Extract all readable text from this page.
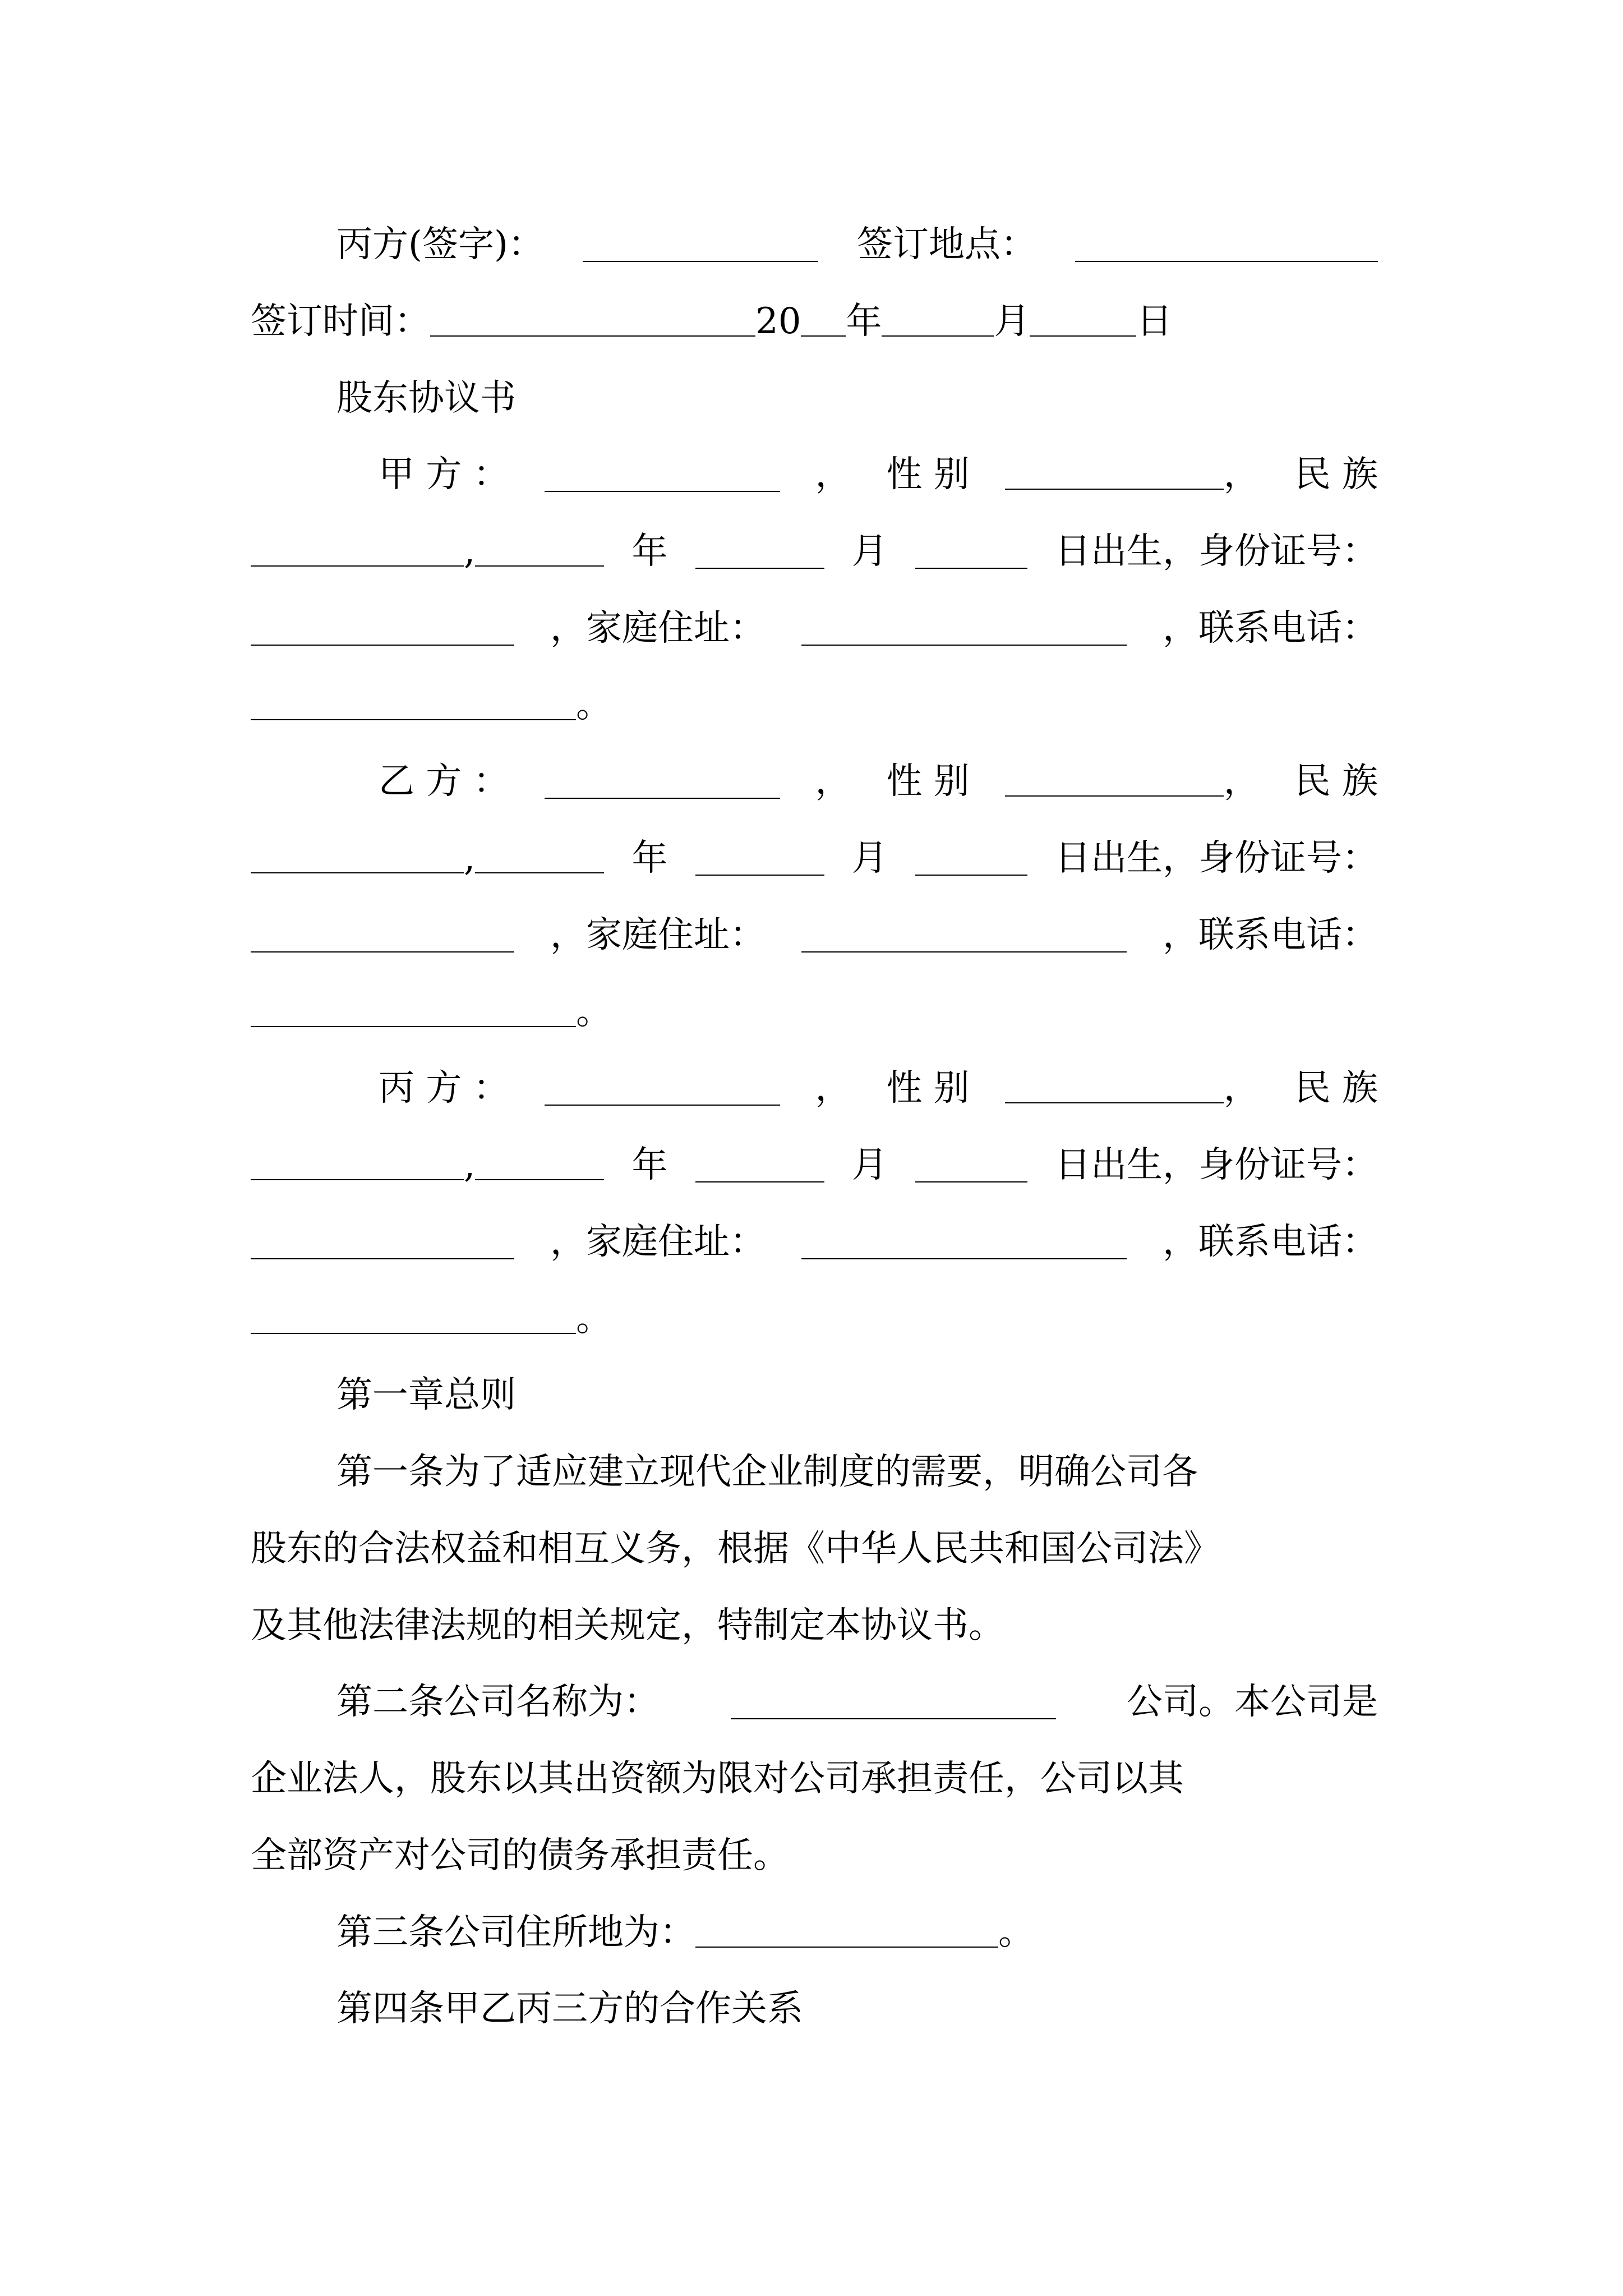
丙方(签字)：	签订地点：
签订时间：	20 年	月	日
股东协议书
甲 方 ：	， 性 别	， 民 族
,	年	月	日出生，身份证号：
，家庭住址：	，联系电话：
。
乙 方 ：	， 性 别	， 民 族
,	年	月	日出生，身份证号：
，家庭住址：	，联系电话：
。
丙 方 ：	， 性 别	， 民 族
,	年	月	日出生，身份证号：
，家庭住址：	，联系电话：
。
第一章总则
第一条为了适应建立现代企业制度的需要，明确公司各
股东的合法权益和相互义务，根据《中华人民共和国公司法》
及其他法律法规的相关规定，特制定本协议书。
第二条公司名称为：	公司。本公司是
企业法人，股东以其出资额为限对公司承担责任，公司以其
全部资产对公司的债务承担责任。
第三条公司住所地为：	。
第四条甲乙丙三方的合作关系
